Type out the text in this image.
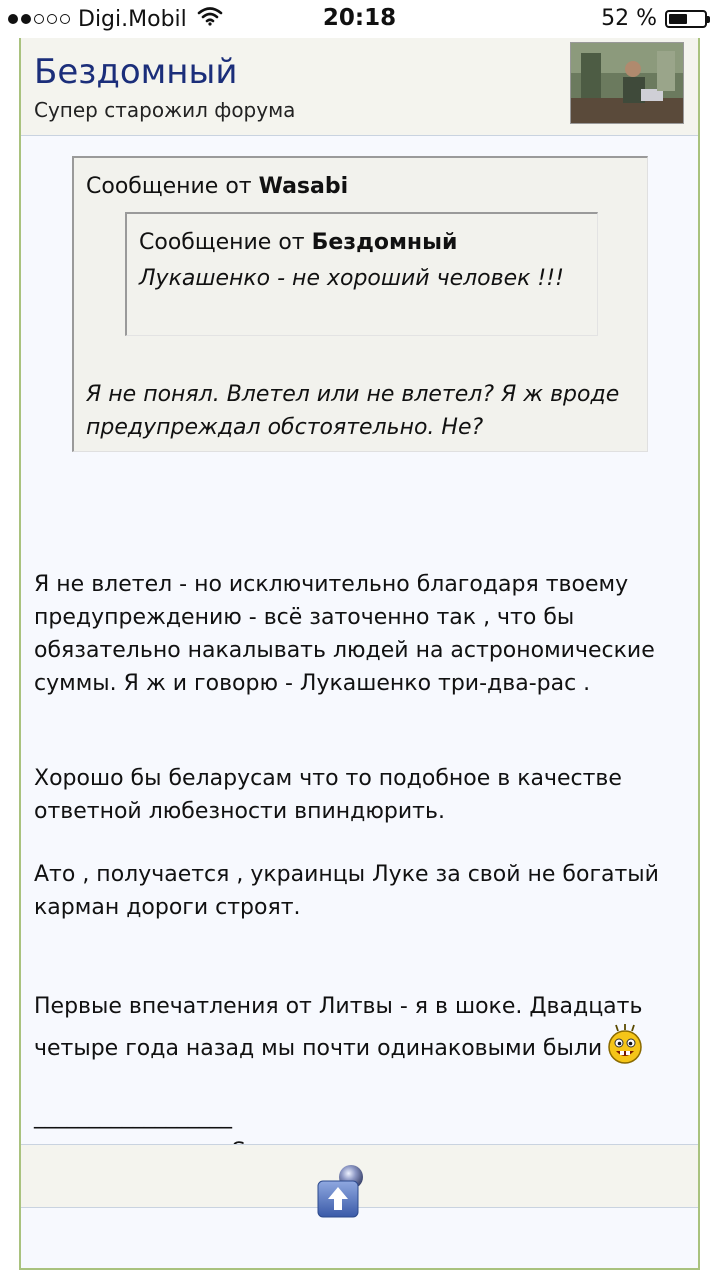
Digi.Mobil	20:18	52 %
Бездомный
Супер старожил форума
Сообщение от Wasabi
Сообщение от Бездомный
Лукашенко - не хороший человек !!!
Я не понял. Влетел или не влетел? Я ж вроде предупреждал обстоятельно. Не?
Я не влетел - но исключительно благодаря твоему предупреждению - всё заточенно так , что бы обязательно накалывать людей на астрономические суммы. Я ж и говорю - Лукашенко три-два-рас .
Хорошо бы беларусам что то подобное в качестве ответной любезности впиндюрить.
Ато , получается , украинцы Луке за свой не богатый карман дороги строят.
Первые впечатления от Литвы - я в шоке. Двадцать четыре года назад мы почти одинаковыми были
__________________
